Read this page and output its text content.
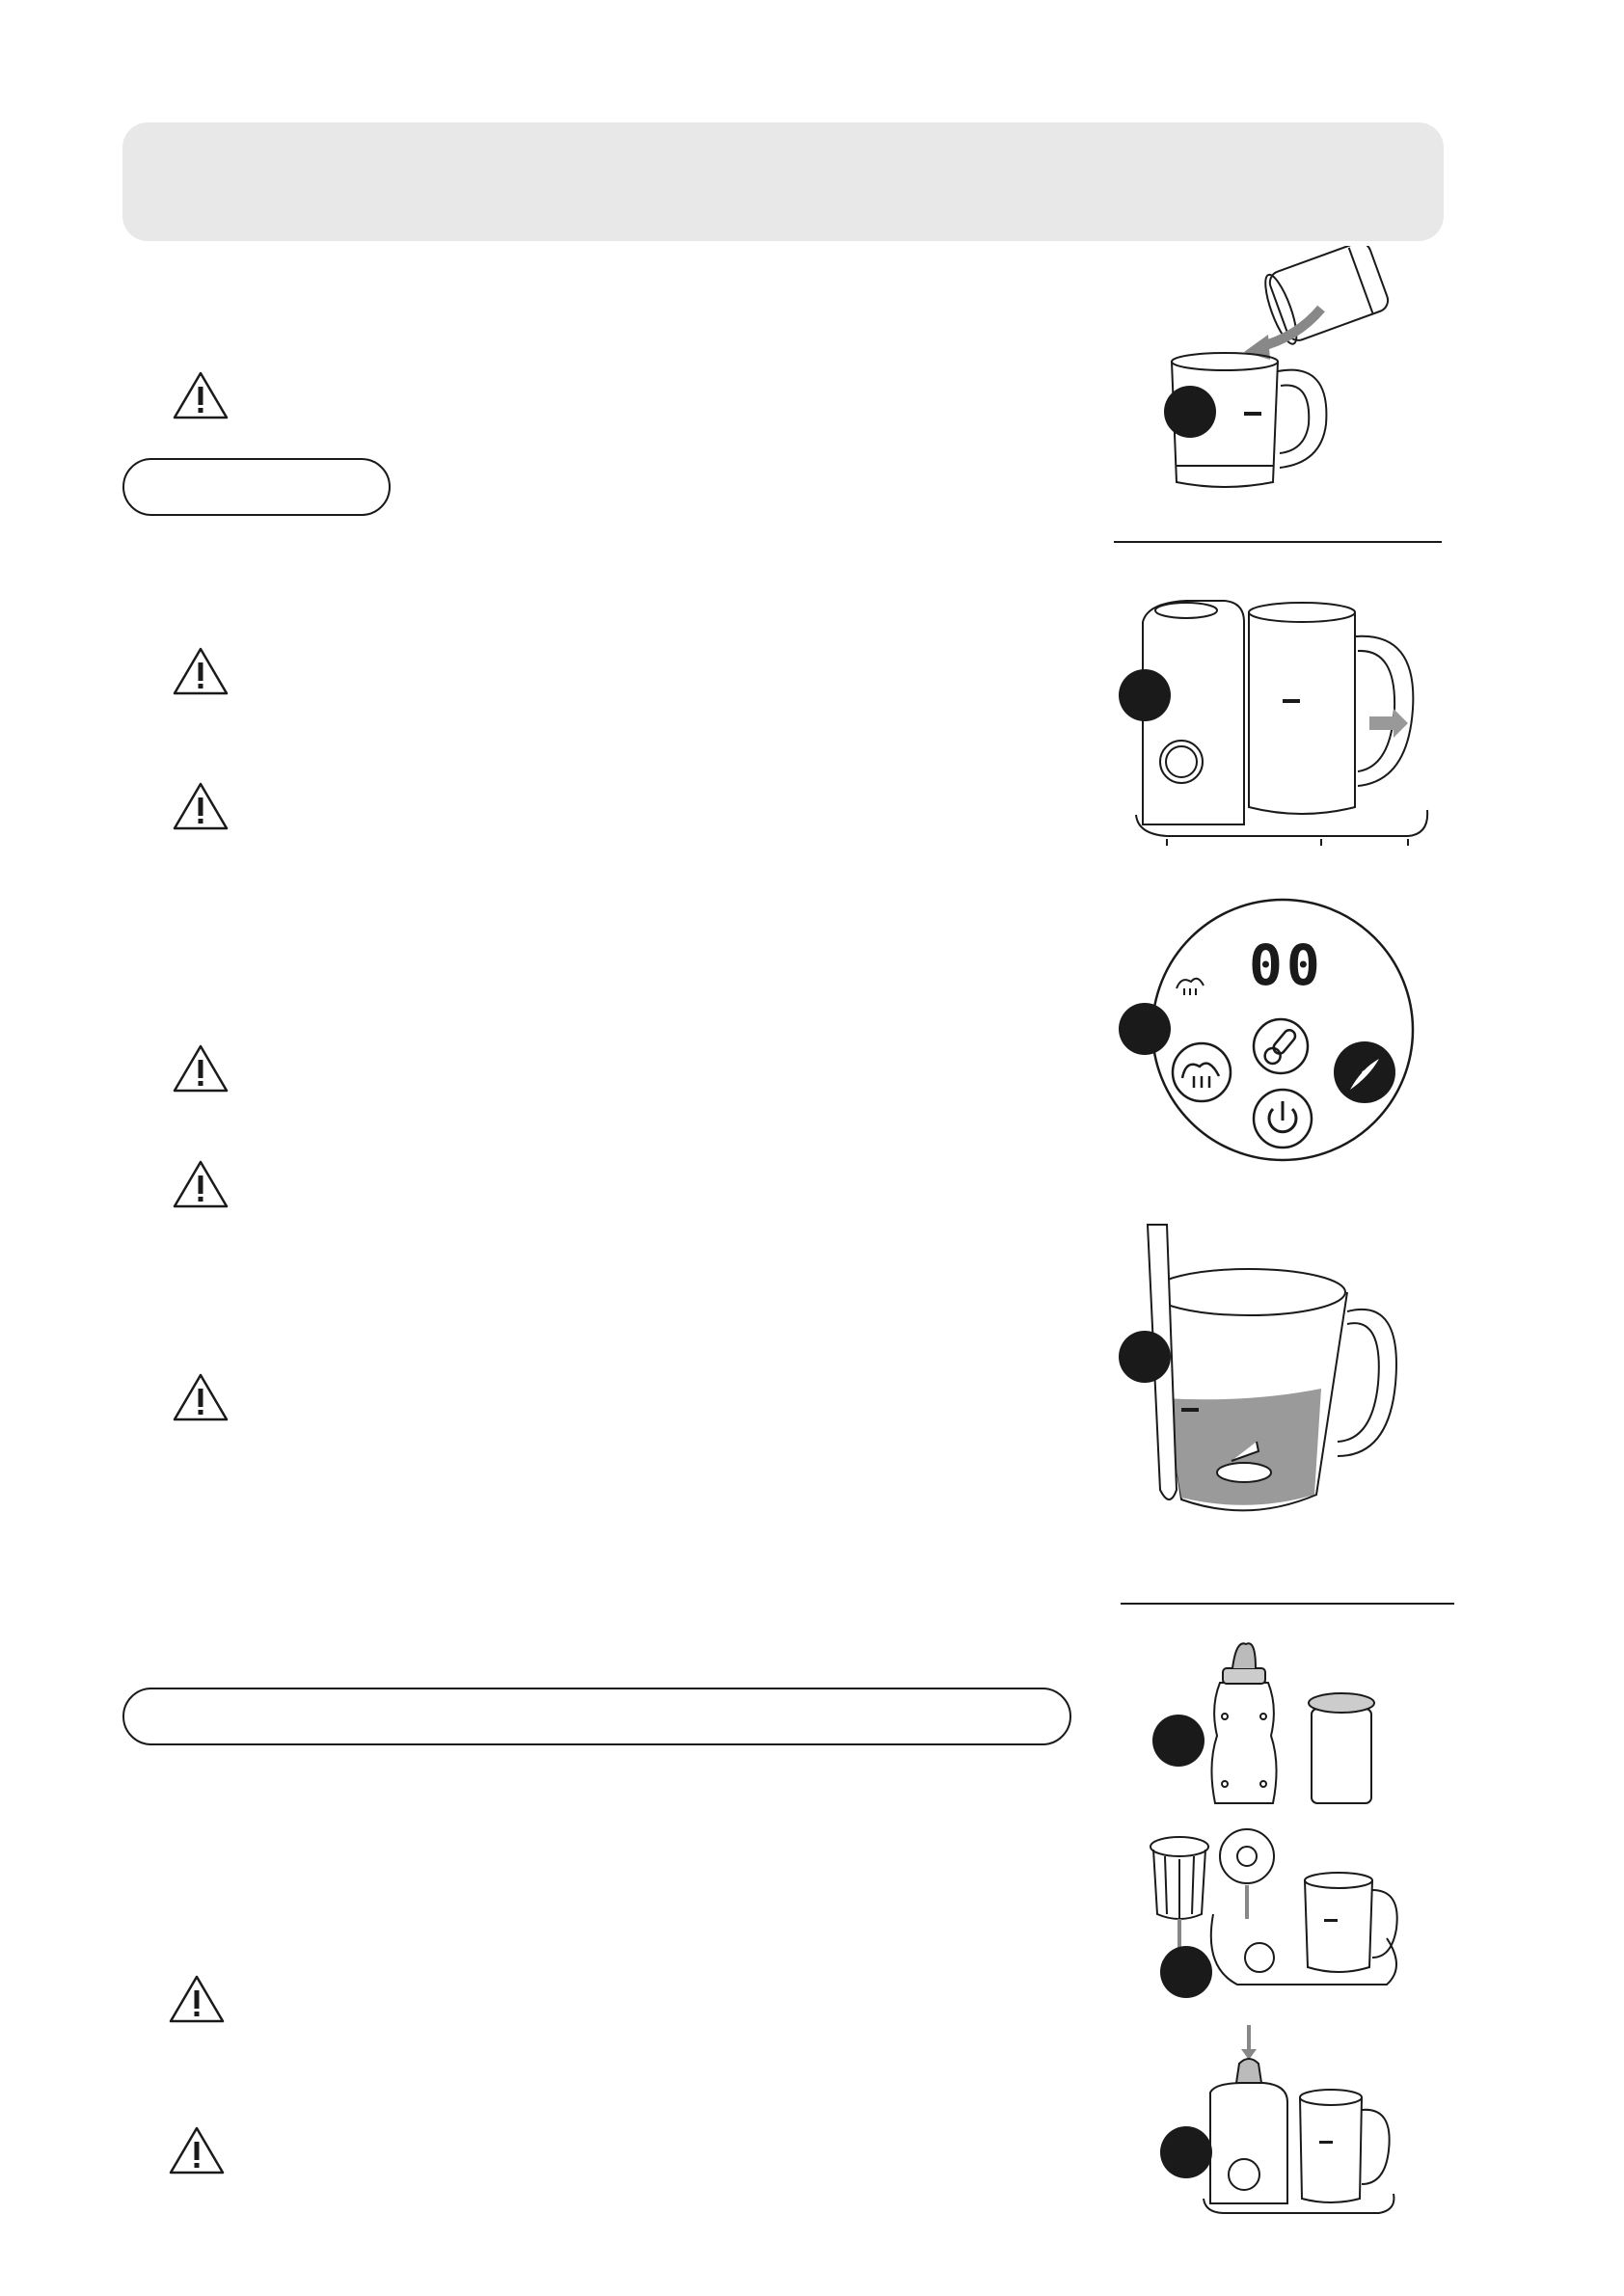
00
